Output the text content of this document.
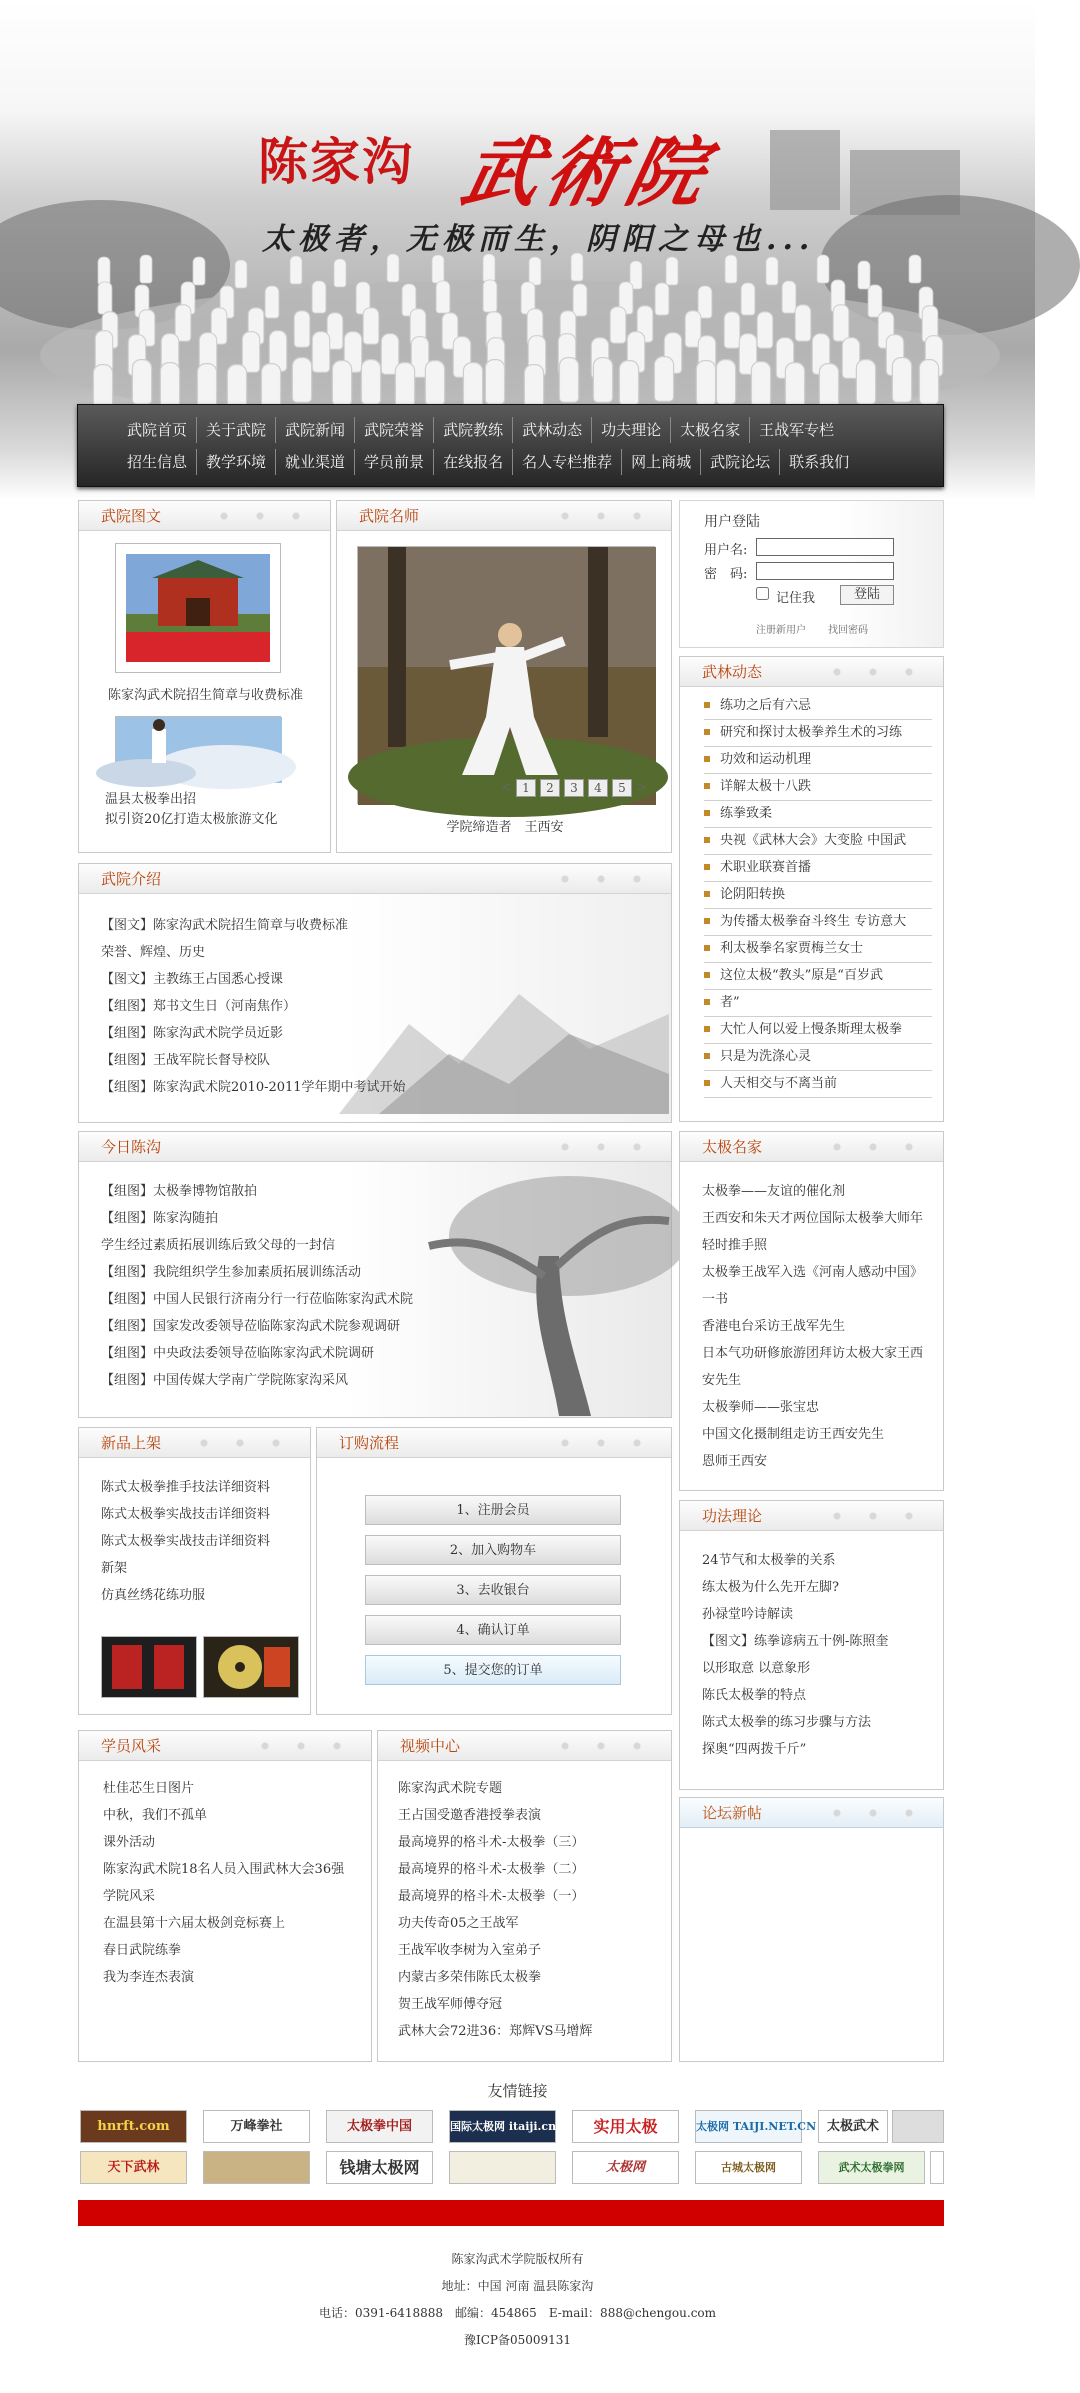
陈家沟 武術院
太极者，无极而生，阴阳之母也...
武院首页	关于武院	武院新闻	武院荣誉	武院教练	武林动态	功夫理论	太极名家	王战军专栏
招生信息	教学环境	就业渠道	学员前景	在线报名	名人专栏推荐	网上商城	武院论坛	联系我们
武院图文
陈家沟武术院招生简章与收费标准
温县太极拳出招
拟引资20亿打造太极旅游文化
武院名师
< 1	2	3	4	5 >
学院缔造者　王西安
用户登陆
用户名:
密　码:
记住我	登陆
注册新用户 找回密码
武林动态
练功之后有六忌
研究和探讨太极拳养生术的习练
功效和运动机理
详解太极十八跌
练拳致柔
央视《武林大会》大变脸 中国武
术职业联赛首播
论阴阳转换
为传播太极拳奋斗终生 专访意大
利太极拳名家贾梅兰女士
这位太极“教头”原是“百岁武
者”
大忙人何以爱上慢条斯理太极拳
只是为洗涤心灵
人天相交与不离当前
武院介绍
【图文】陈家沟武术院招生简章与收费标准
荣誉、辉煌、历史
【图文】主教练王占国悉心授课
【组图】郑书文生日（河南焦作）
【组图】陈家沟武术院学员近影
【组图】王战军院长督导校队
【组图】陈家沟武术院2010-2011学年期中考试开始
今日陈沟
【组图】太极拳博物馆散拍
【组图】陈家沟随拍
学生经过素质拓展训练后致父母的一封信
【组图】我院组织学生参加素质拓展训练活动
【组图】中国人民银行济南分行一行莅临陈家沟武术院
【组图】国家发改委领导莅临陈家沟武术院参观调研
【组图】中央政法委领导莅临陈家沟武术院调研
【组图】中国传媒大学南广学院陈家沟采风
太极名家
太极拳——友谊的催化剂
王西安和朱天才两位国际太极拳大师年
轻时推手照
太极拳王战军入选《河南人感动中国》
一书
香港电台采访王战军先生
日本气功研修旅游团拜访太极大家王西
安先生
太极拳师——张宝忠
中国文化摄制组走访王西安先生
恩师王西安
新品上架
陈式太极拳推手技法详细资料
陈式太极拳实战技击详细资料
陈式太极拳实战技击详细资料
新架
仿真丝绣花练功服
订购流程
1、注册会员
2、加入购物车
3、去收银台
4、确认订单
5、提交您的订单
功法理论
24节气和太极拳的关系
练太极为什么先开左脚?
孙禄堂吟诗解读
【图文】练拳谚病五十例-陈照奎
以形取意 以意象形
陈氏太极拳的特点
陈式太极拳的练习步骤与方法
探奥“四两拨千斤”
论坛新帖
学员风采
杜佳芯生日图片
中秋，我们不孤单
课外活动
陈家沟武术院18名人员入围武林大会36强
学院风采
在温县第十六届太极剑竞标赛上
春日武院练拳
我为李连杰表演
视频中心
陈家沟武术院专题
王占国受邀香港授拳表演
最高境界的格斗术-太极拳（三）
最高境界的格斗术-太极拳（二）
最高境界的格斗术-太极拳（一）
功夫传奇05之王战军
王战军收李树为入室弟子
内蒙古多荣伟陈氏太极拳
贺王战军师傅夺冠
武林大会72进36：郑辉VS马增辉
友情链接
hnrft.com	万峰拳社	太极拳中国	国际太极网 itaiji.cn	实用太极	太极网 TAIJI.NET.CN 太极武术
天下武林	钱塘太极网	太极网	古城太极网	武术太极拳网

陈家沟武术学院版权所有

地址：中国 河南 温县陈家沟

电话：0391-6418888　邮编：454865　E-mail：888@chengou.com

豫ICP备05009131
